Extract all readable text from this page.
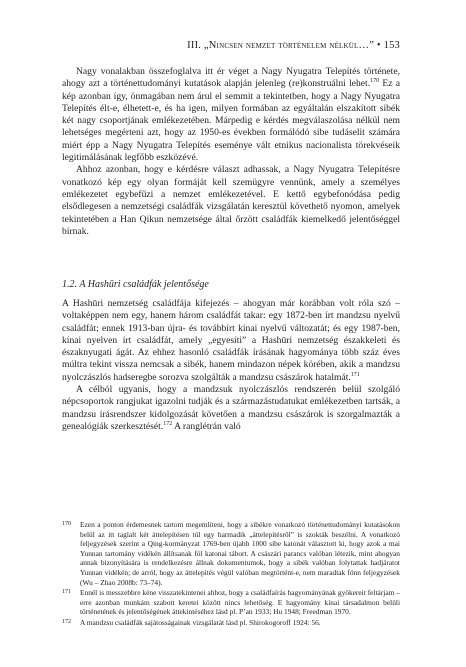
III. „Nincsen nemzet történelem nélkül…” • 153

Nagy vonalakban összefoglalva itt ér véget a Nagy Nyugatra Telepítés története, ahogy azt a történettudományi kutatások alapján jelenleg (re)konstruálni lehet.$^{170}$ Ez a kép azonban így, önmagában nem árul el semmit a tekintetben, hogy a Nagy Nyugatra Telepítés élt-e, élhetett-e, és ha igen, milyen formában az egyáltalán elszakított sibék két nagy csoportjának emlékezetében. Márpedig e kérdés megválaszolása nélkül nem lehetséges megérteni azt, hogy az 1950-es években formálódó sibe tudáselit számára miért épp a Nagy Nyugatra Telepítés eseménye vált etnikus nacionalista törekvéseik legitimálásának legfőbb eszközévé.

Ahhoz azonban, hogy e kérdésre választ adhassak, a Nagy Nyugatra Telepítésre vonatkozó kép egy olyan formáját kell szemügyre vennünk, amely a személyes emlékezetet egybefűzi a nemzet emlékezetével. E kettő egybefonódása pedig elsődlegesen a nemzetségi családfák vizsgálatán keresztül követhető nyomon, amelyek tekintetében a Han Qikun nemzetsége által őrzött családfák kiemelkedő jelentőséggel bírnak.

1.2. A Hashūri családfák jelentősége

A Hashūri nemzetség családfája kifejezés – ahogyan már korábban volt róla szó – voltaképpen nem egy, hanem három családfát takar: egy 1872-ben írt mandzsu nyelvű családfát; ennek 1913-ban újra- és továbbírt kínai nyelvű változatát; és egy 1987-ben, kínai nyelven írt családfát, amely „egyesíti” a Hashūri nemzetség északkeleti és északnyugati ágát. Az ehhez hasonló családfák írásának hagyománya több száz éves múltra tekint vissza nemcsak a sibék, hanem mindazon népek körében, akik a mandzsu nyolczászlós hadseregbe sorozva szolgálták a mandzsu császárok hatalmát.$^{171}$

A célból ugyanis, hogy a mandzsuk nyolczászlós rendszerén belül szolgáló népcsoportok rangjukat igazolni tudják és a származástudatukat emlékezetben tartsák, a mandzsu írásrendszer kidolgozását követően a mandzsu császárok is szorgalmazták a genealógiák szerkesztését.$^{172}$ A ranglétrán való

170 Ezen a ponton érdemesnek tartom megemlíteni, hogy a sibékre vonatkozó történettudományi kutatásokon belül az itt taglalt két áttelepítésen túl egy harmadik „áttelepítésről” is szokták beszélni. A vonatkozó feljegyzések szerint a Qing-kormányzat 1769-ben újabb 1000 sibe katonát választott ki, hogy azok a mai Yunnan tartomány vidékén állítsanak föl katonai tábort. A császári parancs valóban létezik, mint ahogyan annak bizonyítására is rendelkezésre állnak dokumentumok, hogy a sibék valóban folytattak hadjáratot Yunnan vidékén; de arról, hogy az áttelepítés végül valóban megtörtént-e, nem maradtak fönn feljegyzések (Wu – Zhao 2008b: 73–74).
171 Ennél is messzebbre kéne visszatekintenei ahhoz, hogy a családfaírás hagyományának gyökereit feltárjam – erre azonban munkám szabott keretei között nincs lehetőség. E hagyomány kínai társadalmon belüli történetének és jelentőségének áttekintéséhez lásd pl. P’an 1933; Hu 1948; Freedman 1970.
172 A mandzsu családfák sajátosságainak vizsgálatát lásd pl. Shirokogoroff 1924: 56.
